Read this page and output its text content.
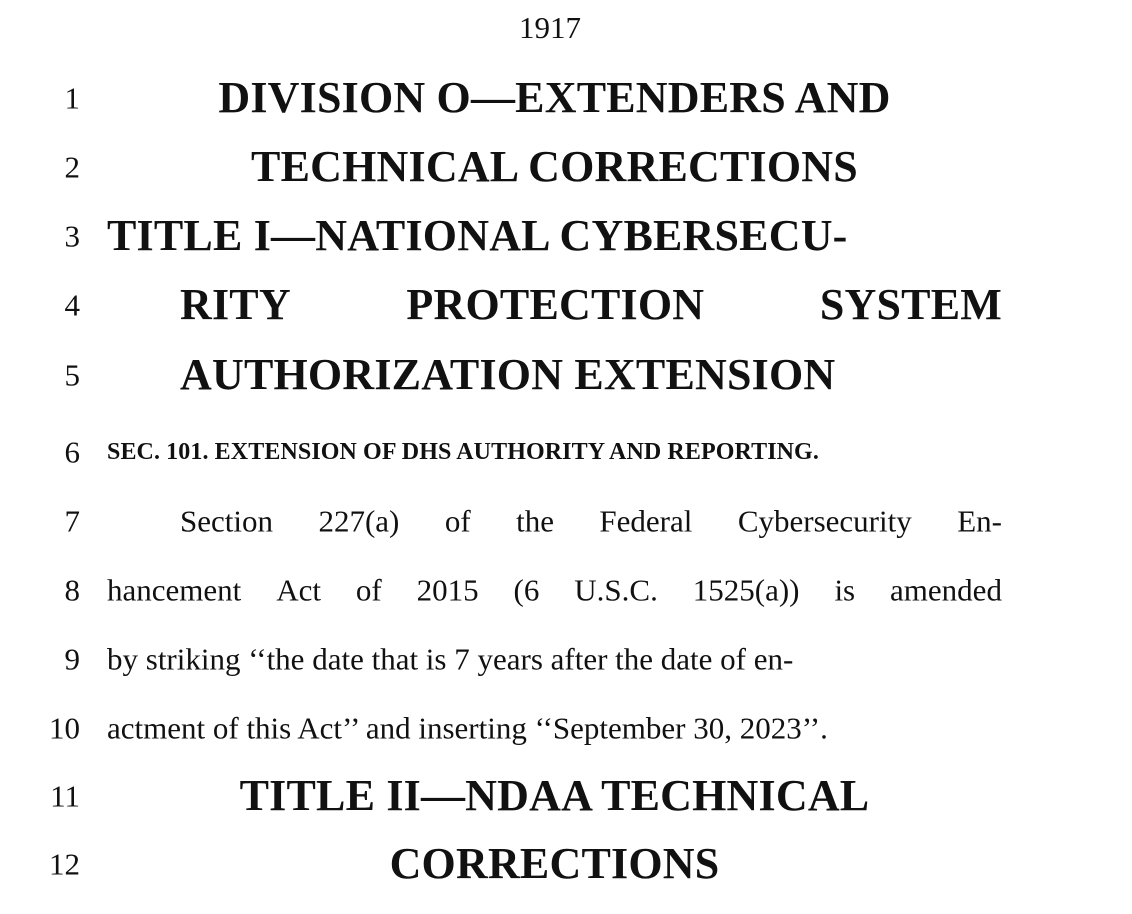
1917
1	DIVISION O—EXTENDERS AND
2	TECHNICAL CORRECTIONS
3 TITLE I—NATIONAL CYBERSECU-
4 RITY	PROTECTION	SYSTEM
5 AUTHORIZATION EXTENSION
6 SEC. 101. EXTENSION OF DHS AUTHORITY AND REPORTING.
7	Section 227(a) of the Federal Cybersecurity En-
8 hancement Act of 2015 (6 U.S.C. 1525(a)) is amended
9 by striking ‘‘the date that is 7 years after the date of en-
10 actment of this Act’’ and inserting ‘‘September 30, 2023’’.
11	TITLE II—NDAA TECHNICAL
12	CORRECTIONS
